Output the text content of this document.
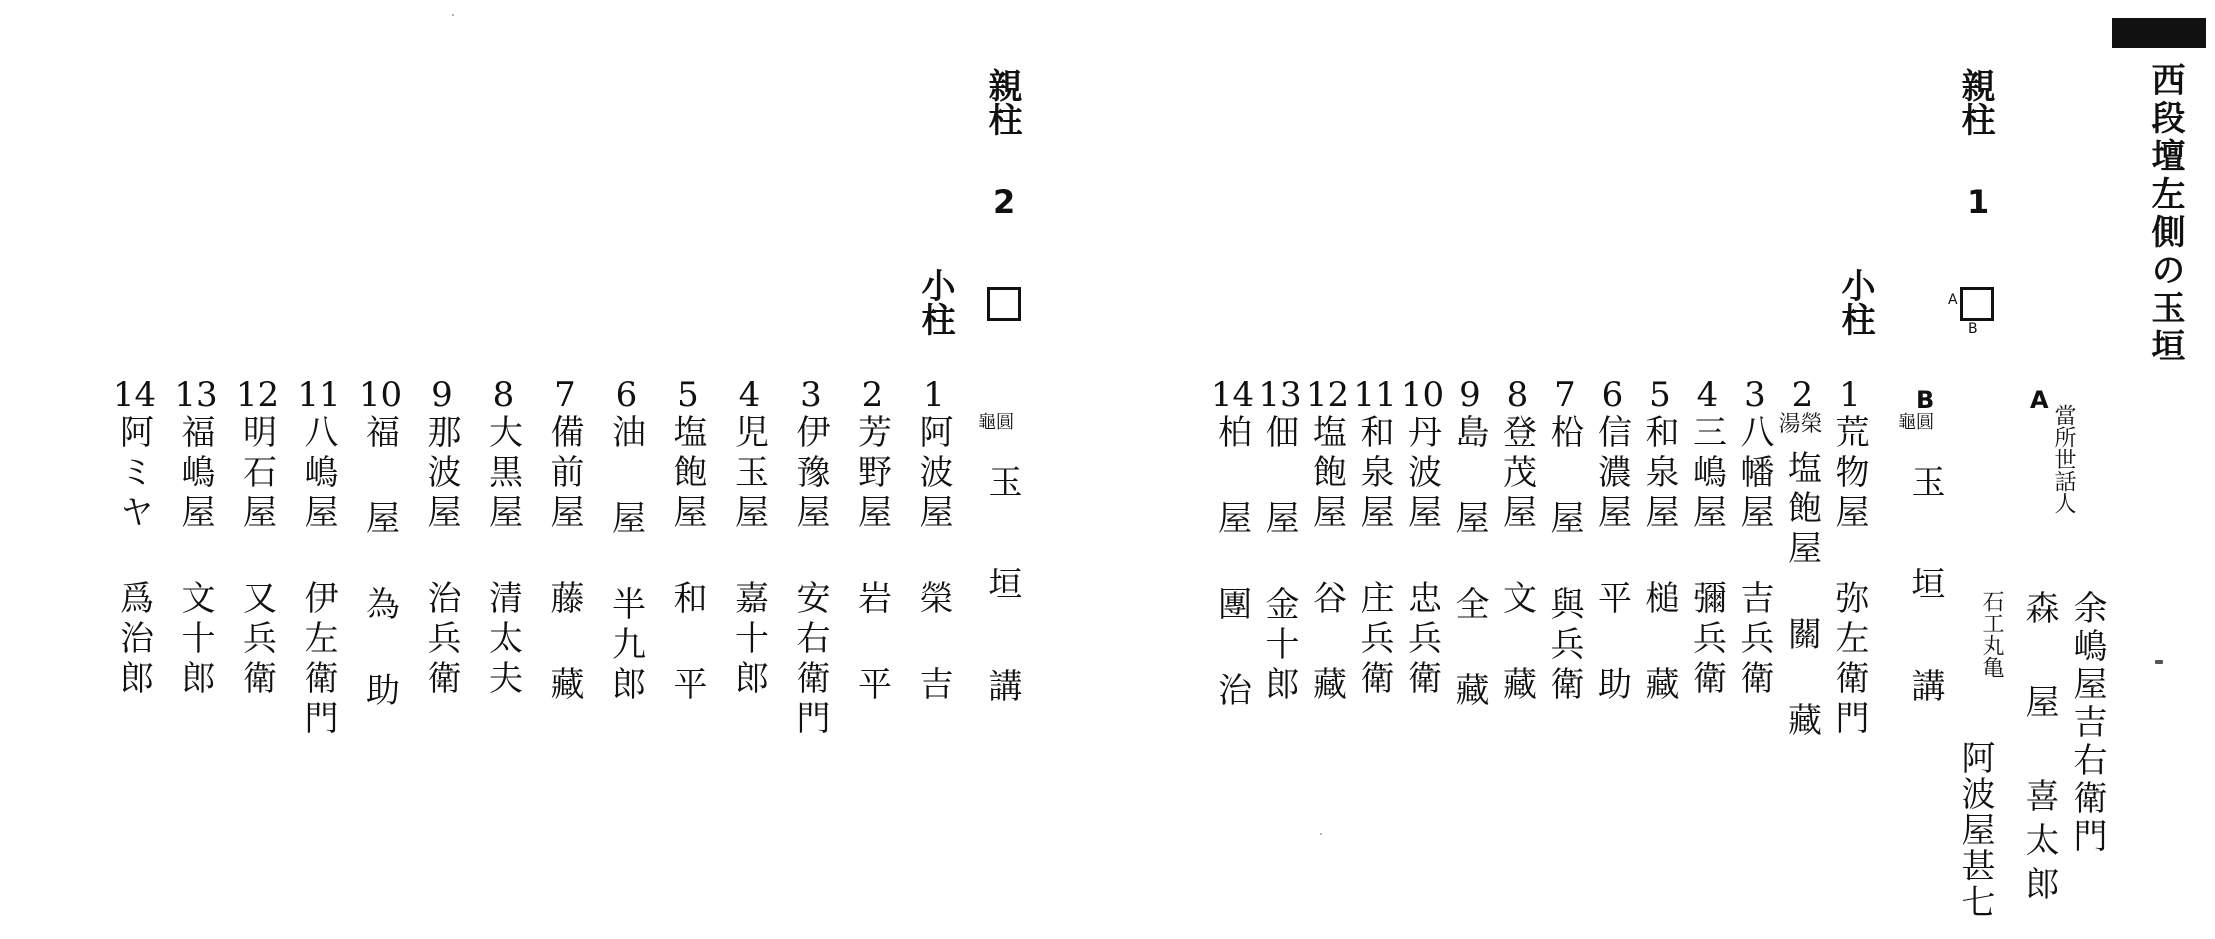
西段壇左側の玉垣
親柱
1
小柱	A
B
親柱
2
小柱
A
當所世話人
余嶋屋吉右衛門
森 屋 喜太郎
石工丸亀
阿波屋甚七
B
龜圓
玉 垣 講
1
荒物屋 弥左衛門
2
湯榮
塩飽屋 關 藏
3
八幡屋 吉兵衛
4
三嶋屋 彌兵衛
5
和泉屋 槌 藏
6
信濃屋 平 助
7
柗 屋 與兵衛
8
登茂屋 文 藏
9
島 屋 全 藏
10
丹波屋 忠兵衛
11
和泉屋 庄兵衛
12
塩飽屋 谷 藏
13
佃 屋 金十郎
14
柏 屋 團 治
龜圓
玉 垣 講
1
阿波屋 榮 吉
2
芳野屋 岩 平
3
伊豫屋 安右衛門
4
児玉屋 嘉十郎
5
塩飽屋 和 平
6
油 屋 半九郎
7
備前屋 藤 藏
8
大黒屋 清太夫
9
那波屋 治兵衛
10
福 屋 為 助
11
八嶋屋 伊左衛門
12
明石屋 又兵衛
13
福嶋屋 文十郎
14
阿ミヤ 爲治郎
